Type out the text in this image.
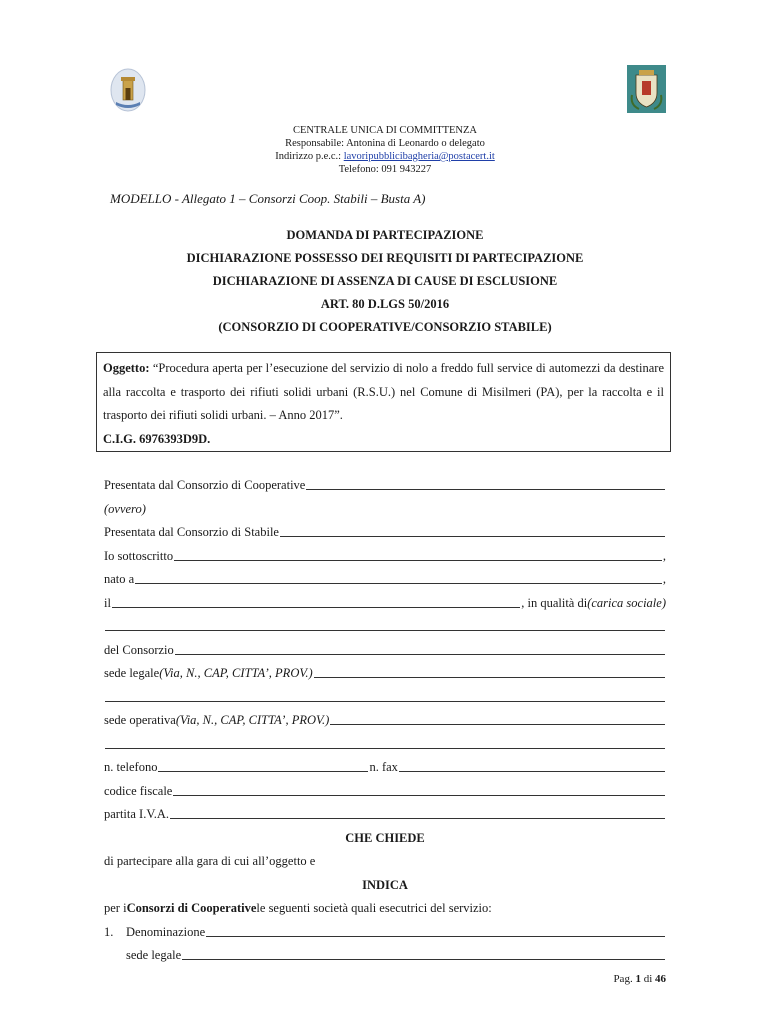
CENTRALE UNICA DI COMMITTENZA
Responsabile: Antonina di Leonardo o delegato
Indirizzo p.e.c.: lavoripubblicibagheria@postacert.it
Telefono: 091 943227
MODELLO - Allegato 1 – Consorzi Coop. Stabili – Busta A)
DOMANDA DI PARTECIPAZIONE
DICHIARAZIONE POSSESSO DEI REQUISITI DI PARTECIPAZIONE
DICHIARAZIONE DI ASSENZA DI CAUSE DI ESCLUSIONE
ART. 80 D.LGS 50/2016
(CONSORZIO DI COOPERATIVE/CONSORZIO STABILE)
Oggetto: “Procedura aperta per l’esecuzione del servizio di nolo a freddo full service di automezzi da destinare alla raccolta e trasporto dei rifiuti solidi urbani (R.S.U.) nel Comune di Misilmeri (PA), per la raccolta e il trasporto dei rifiuti solidi urbani. – Anno 2017”.
C.I.G. 6976393D9D.
Presentata dal Consorzio di Cooperative
(ovvero)
Presentata dal Consorzio di Stabile
Io sottoscritto	,
nato a	,
il	, in qualità di (carica sociale)
del Consorzio
sede legale (Via, N., CAP, CITTA’, PROV.)
sede operativa (Via, N., CAP, CITTA’, PROV.)
n. telefono	n. fax
codice fiscale
partita I.V.A.
CHE CHIEDE
di partecipare alla gara di cui all’oggetto e
INDICA
per i Consorzi di Cooperative le seguenti società quali esecutrici del servizio:
1.	Denominazione
sede legale
Pag. 1 di 46
